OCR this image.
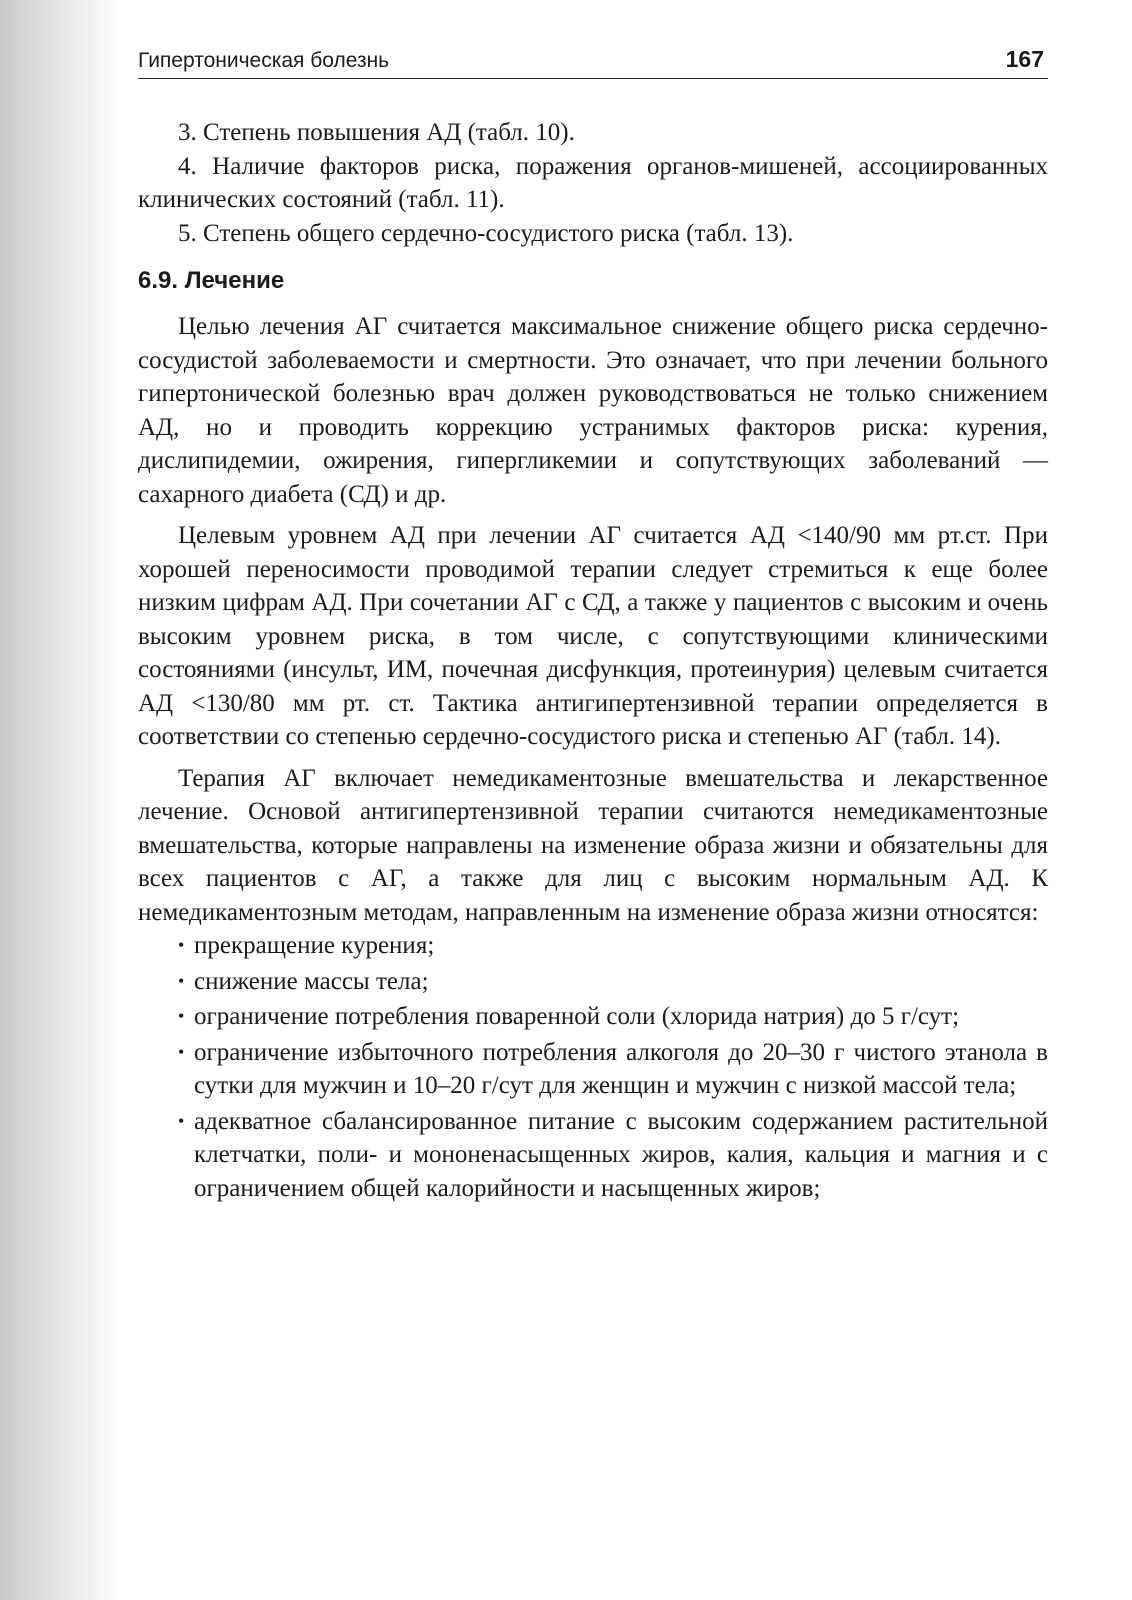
Гипертоническая болезнь	167

3. Степень повышения АД (табл. 10).

4. Наличие факторов риска, поражения органов-мишеней, ассоциированных клинических состояний (табл. 11).

5. Степень общего сердечно-сосудистого риска (табл. 13).

6.9. Лечение

Целью лечения АГ считается максимальное снижение общего риска сердечно-сосудистой заболеваемости и смертности. Это означает, что при лечении больного гипертонической болезнью врач должен руководствоваться не только снижением АД, но и проводить коррекцию устранимых факторов риска: курения, дислипидемии, ожирения, гипергликемии и сопутствующих заболеваний — сахарного диабета (СД) и др.

Целевым уровнем АД при лечении АГ считается АД <140/90 мм рт.ст. При хорошей переносимости проводимой терапии следует стремиться к еще более низким цифрам АД. При сочетании АГ с СД, а также у пациентов с высоким и очень высоким уровнем риска, в том числе, с сопутствующими клиническими состояниями (инсульт, ИМ, почечная дисфункция, протеинурия) целевым считается АД <130/80 мм рт. ст. Тактика антигипертензивной терапии определяется в соответствии со степенью сердечно-сосудистого риска и степенью АГ (табл. 14).

Терапия АГ включает немедикаментозные вмешательства и лекарственное лечение. Основой антигипертензивной терапии считаются немедикаментозные вмешательства, которые направлены на изменение образа жизни и обязательны для всех пациентов с АГ, а также для лиц с высоким нормальным АД. К немедикаментозным методам, направленным на изменение образа жизни относятся:

• прекращение курения;
• снижение массы тела;
• ограничение потребления поваренной соли (хлорида натрия) до 5 г/сут;
• ограничение избыточного потребления алкоголя до 20–30 г чистого этанола в сутки для мужчин и 10–20 г/сут для женщин и мужчин с низкой массой тела;
• адекватное сбалансированное питание с высоким содержанием растительной клетчатки, поли- и мононенасыщенных жиров, калия, кальция и магния и с ограничением общей калорийности и насыщенных жиров;
